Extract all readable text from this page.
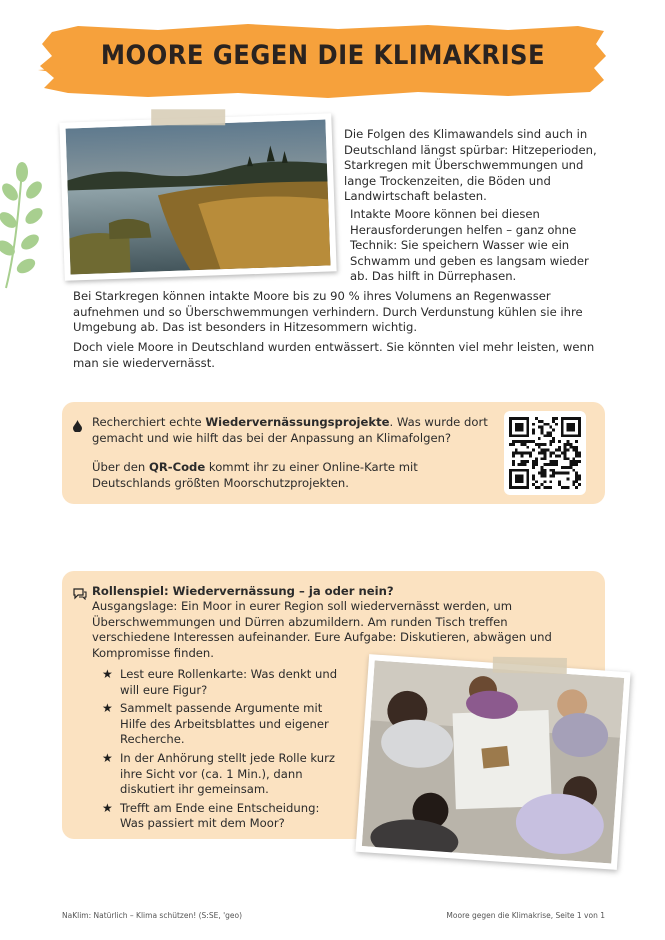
MOORE GEGEN DIE KLIMAKRISE
Die Folgen des Klimawandels sind auch in Deutschland längst spürbar: Hitzeperioden, Starkregen mit Überschwemmungen und lange Trockenzeiten, die Böden und Landwirtschaft belasten.
Intakte Moore können bei diesen Herausforderungen helfen – ganz ohne Technik: Sie speichern Wasser wie ein Schwamm und geben es langsam wieder ab. Das hilft in Dürrephasen.
Bei Starkregen können intakte Moore bis zu 90 % ihres Volumens an Regenwasser aufnehmen und so Überschwemmungen verhindern. Durch Verdunstung kühlen sie ihre Umgebung ab. Das ist besonders in Hitzesommern wichtig.
Doch viele Moore in Deutschland wurden entwässert. Sie könnten viel mehr leisten, wenn man sie wiedervernässt.
Recherchiert echte Wiedervernässungsprojekte. Was wurde dort gemacht und wie hilft das bei der Anpassung an Klimafolgen?
Über den QR-Code kommt ihr zu einer Online-Karte mit Deutschlands größten Moorschutzprojekten.
Rollenspiel: Wiedervernässung – ja oder nein?
Ausgangslage: Ein Moor in eurer Region soll wiedervernässt werden, um Überschwemmungen und Dürren abzumildern. Am runden Tisch treffen verschiedene Interessen aufeinander. Eure Aufgabe: Diskutieren, abwägen und Kompromisse finden.
★ Lest eure Rollenkarte: Was denkt und will eure Figur?
★ Sammelt passende Argumente mit Hilfe des Arbeitsblattes und eigener Recherche.
★ In der Anhörung stellt jede Rolle kurz ihre Sicht vor (ca. 1 Min.), dann diskutiert ihr gemeinsam.
★ Trefft am Ende eine Entscheidung: Was passiert mit dem Moor?
NaKlim: Natürlich – Klima schützen! (S:SE, 'geo)	Moore gegen die Klimakrise, Seite 1 von 1
